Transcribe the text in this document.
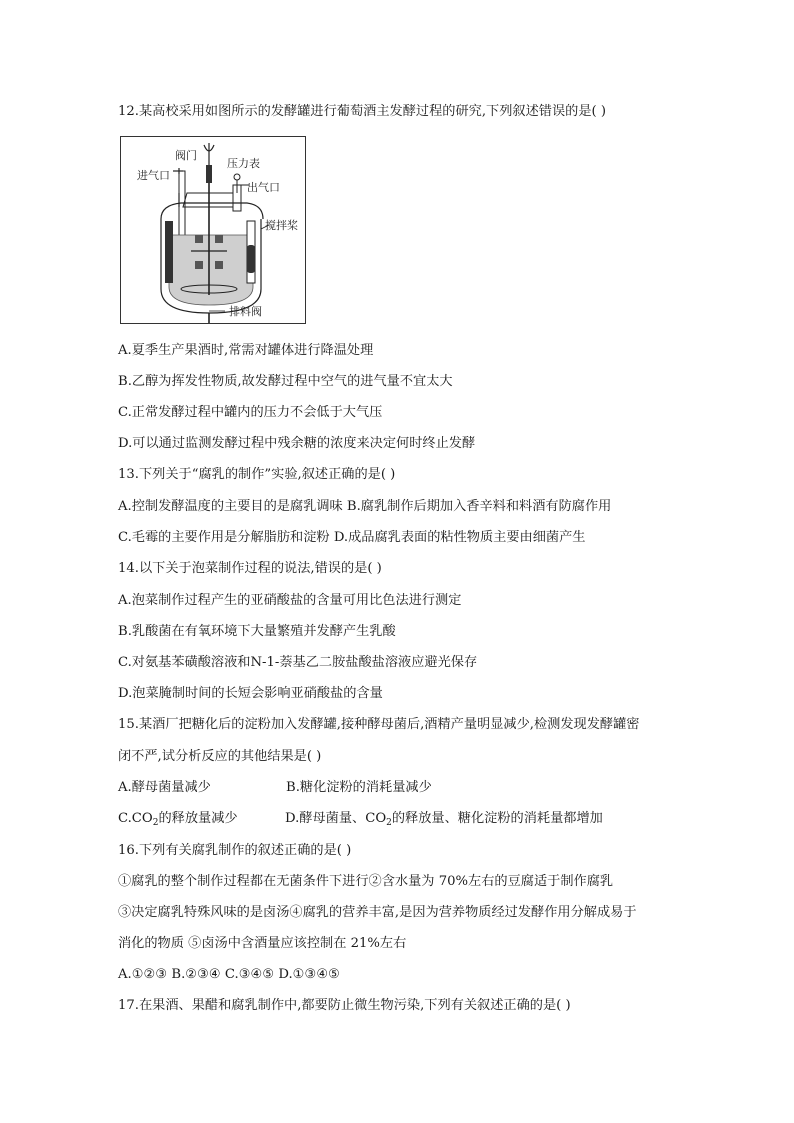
12.某高校采用如图所示的发酵罐进行葡萄酒主发酵过程的研究,下列叙述错误的是( )
阀门
进气口
压力表
出气口
搅拌桨
排料阀
A.夏季生产果酒时,常需对罐体进行降温处理
B.乙醇为挥发性物质,故发酵过程中空气的进气量不宜太大
C.正常发酵过程中罐内的压力不会低于大气压
D.可以通过监测发酵过程中残余糖的浓度来决定何时终止发酵
13.下列关于“腐乳的制作”实验,叙述正确的是( )
A.控制发酵温度的主要目的是腐乳调味 B.腐乳制作后期加入香辛料和料酒有防腐作用
C.毛霉的主要作用是分解脂肪和淀粉 D.成品腐乳表面的粘性物质主要由细菌产生
14.以下关于泡菜制作过程的说法,错误的是( )
A.泡菜制作过程产生的亚硝酸盐的含量可用比色法进行测定
B.乳酸菌在有氧环境下大量繁殖并发酵产生乳酸
C.对氨基苯磺酸溶液和N-1-萘基乙二胺盐酸盐溶液应避光保存
D.泡菜腌制时间的长短会影响亚硝酸盐的含量
15.某酒厂把糖化后的淀粉加入发酵罐,接种酵母菌后,酒精产量明显减少,检测发现发酵罐密
闭不严,试分析反应的其他结果是( )
A.酵母菌量减少	B.糖化淀粉的消耗量减少
$C.CO_2$的释放量减少	D.酵母菌量、$CO_2$的释放量、糖化淀粉的消耗量都增加
16.下列有关腐乳制作的叙述正确的是( )
①腐乳的整个制作过程都在无菌条件下进行②含水量为 70%左右的豆腐适于制作腐乳
③决定腐乳特殊风味的是卤汤④腐乳的营养丰富,是因为营养物质经过发酵作用分解成易于
消化的物质 ⑤卤汤中含酒量应该控制在 21%左右
A.①②③ B.②③④ C.③④⑤ D.①③④⑤
17.在果酒、果醋和腐乳制作中,都要防止微生物污染,下列有关叙述正确的是( )
